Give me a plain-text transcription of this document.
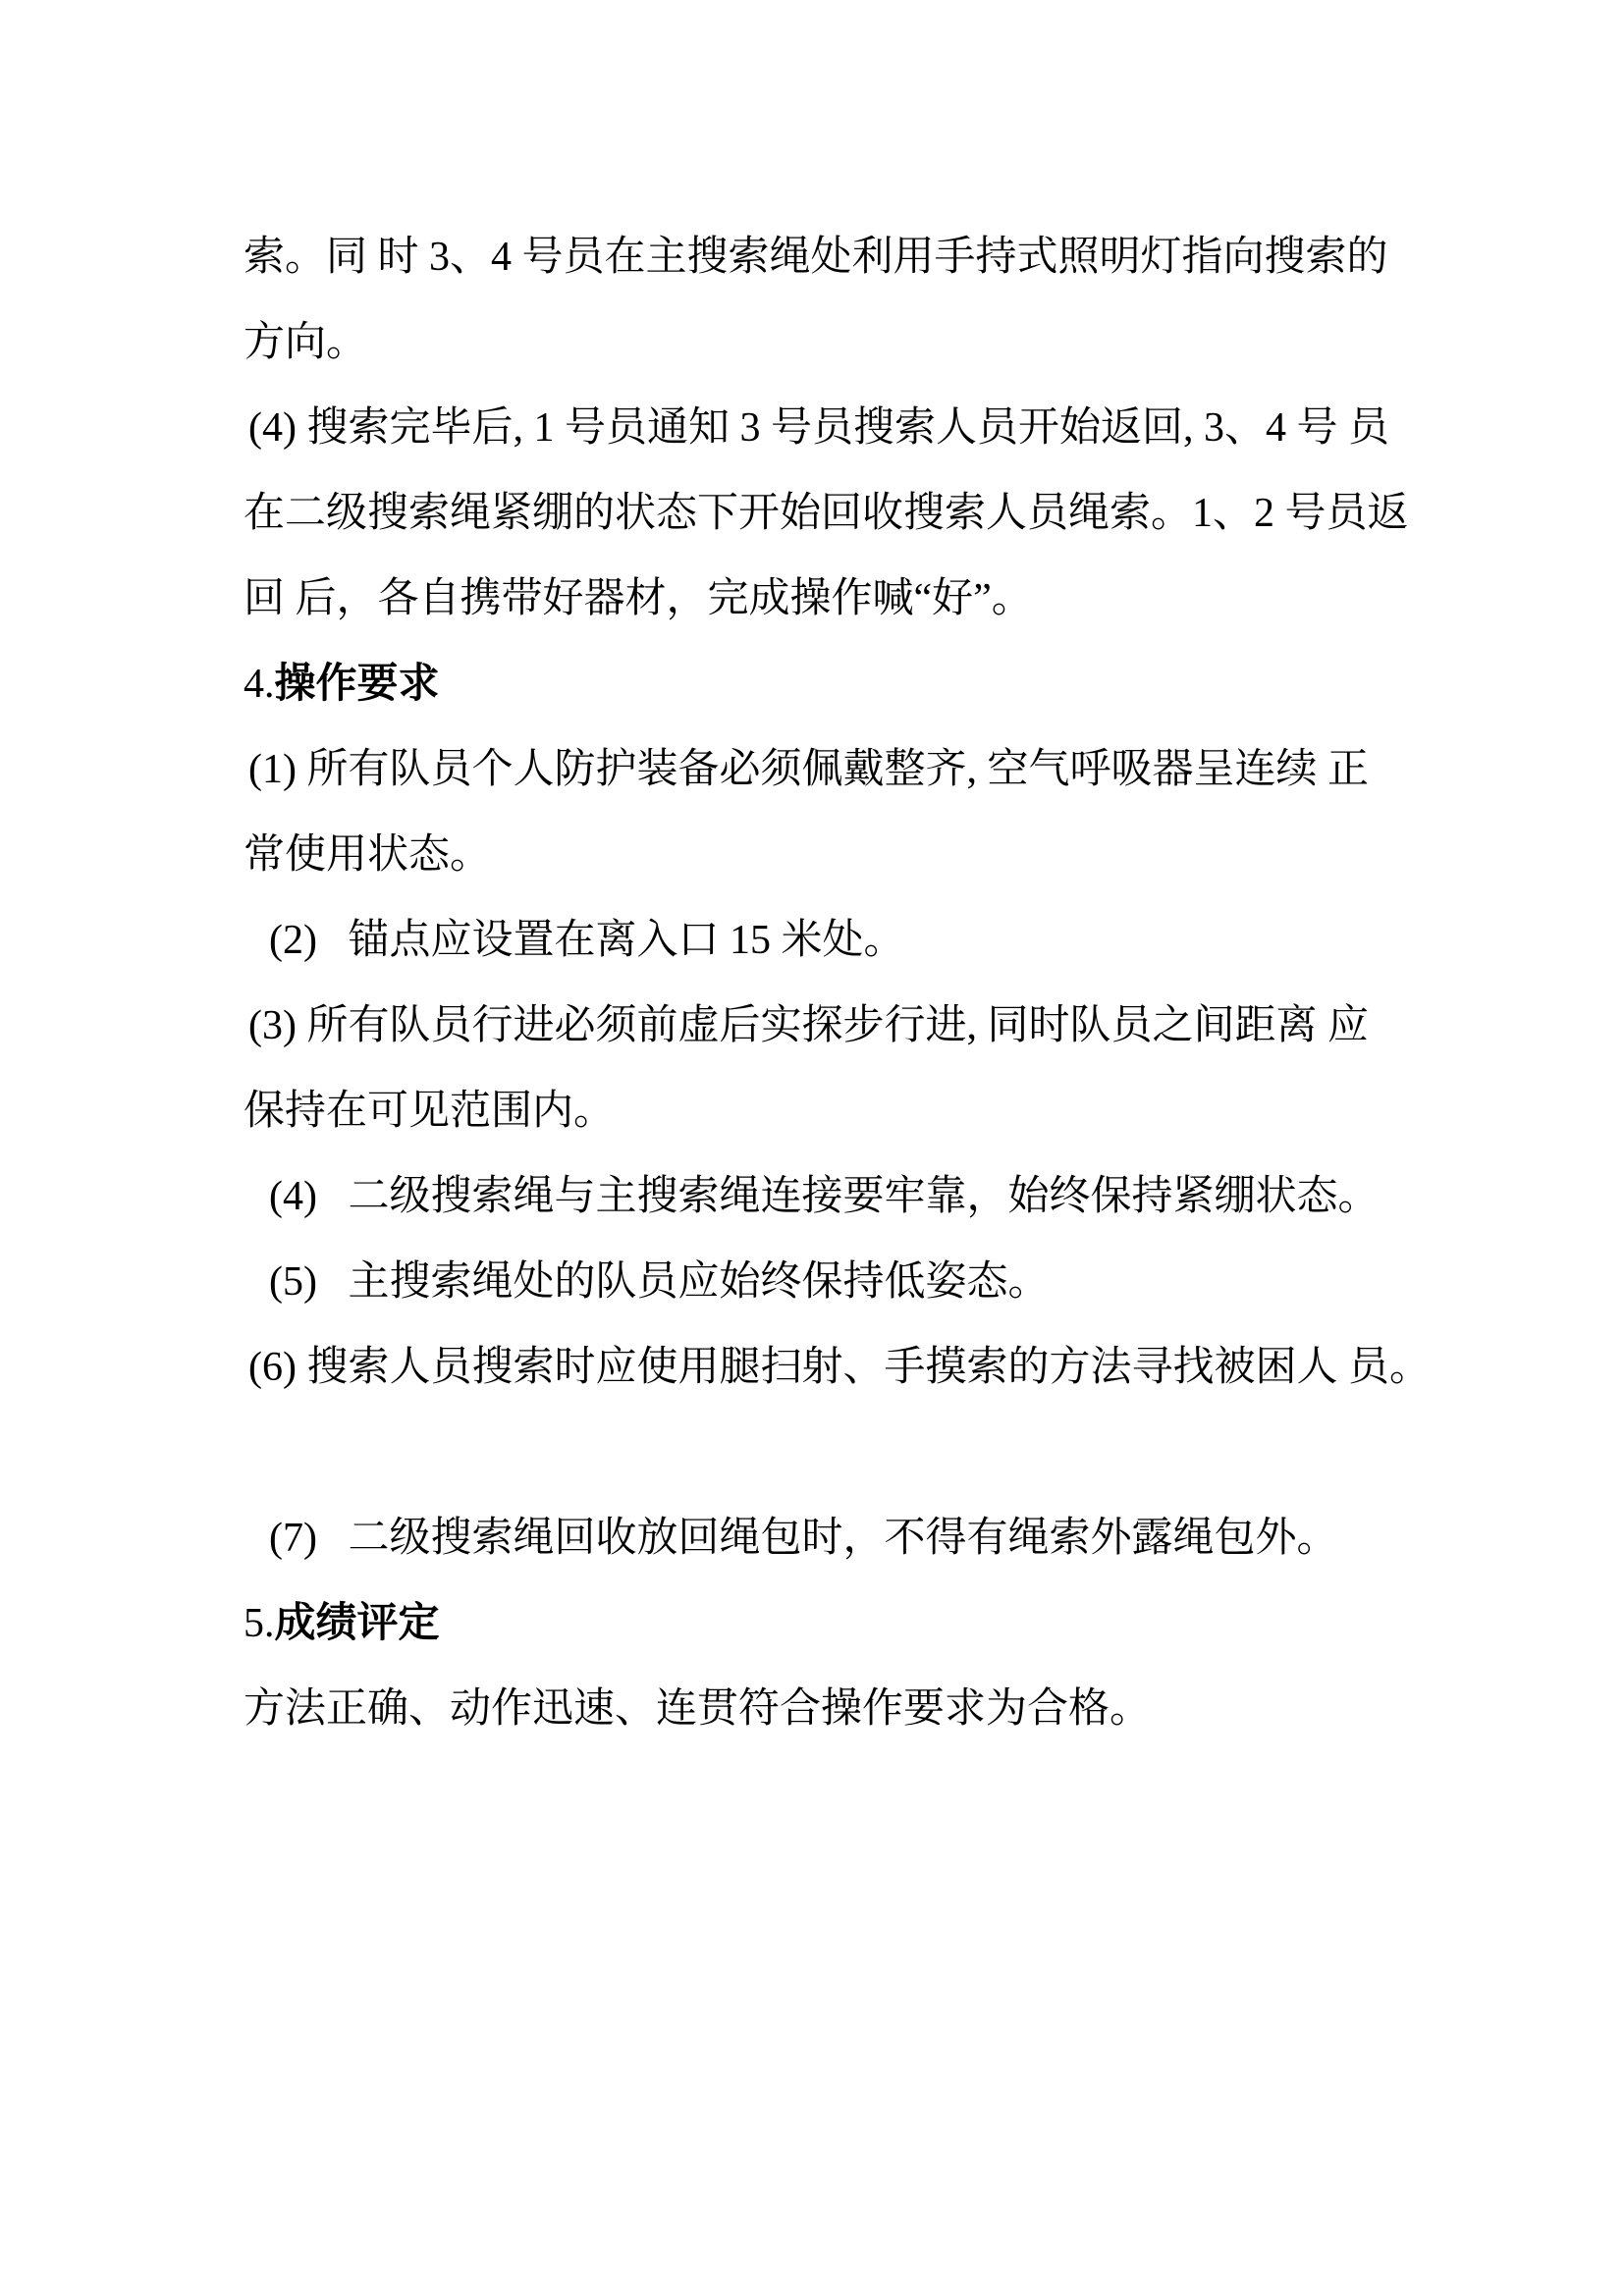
索。同 时 3、4 号员在主搜索绳处利用手持式照明灯指向搜索的
方向。
(4) 搜索完毕后, 1 号员通知 3 号员搜索人员开始返回, 3、4 号 员
在二级搜索绳紧绷的状态下开始回收搜索人员绳索。1、2 号员返
回 后，各自携带好器材，完成操作喊“好”。
4.操作要求
(1) 所有队员个人防护装备必须佩戴整齐, 空气呼吸器呈连续 正
常使用状态。
(2)   锚点应设置在离入口 15 米处。
(3) 所有队员行进必须前虚后实探步行进, 同时队员之间距离 应
保持在可见范围内。
(4)   二级搜索绳与主搜索绳连接要牢靠，始终保持紧绷状态。
(5)   主搜索绳处的队员应始终保持低姿态。
(6) 搜索人员搜索时应使用腿扫射、手摸索的方法寻找被困人 员。
(7)   二级搜索绳回收放回绳包时，不得有绳索外露绳包外。
5.成绩评定
方法正确、动作迅速、连贯符合操作要求为合格。
